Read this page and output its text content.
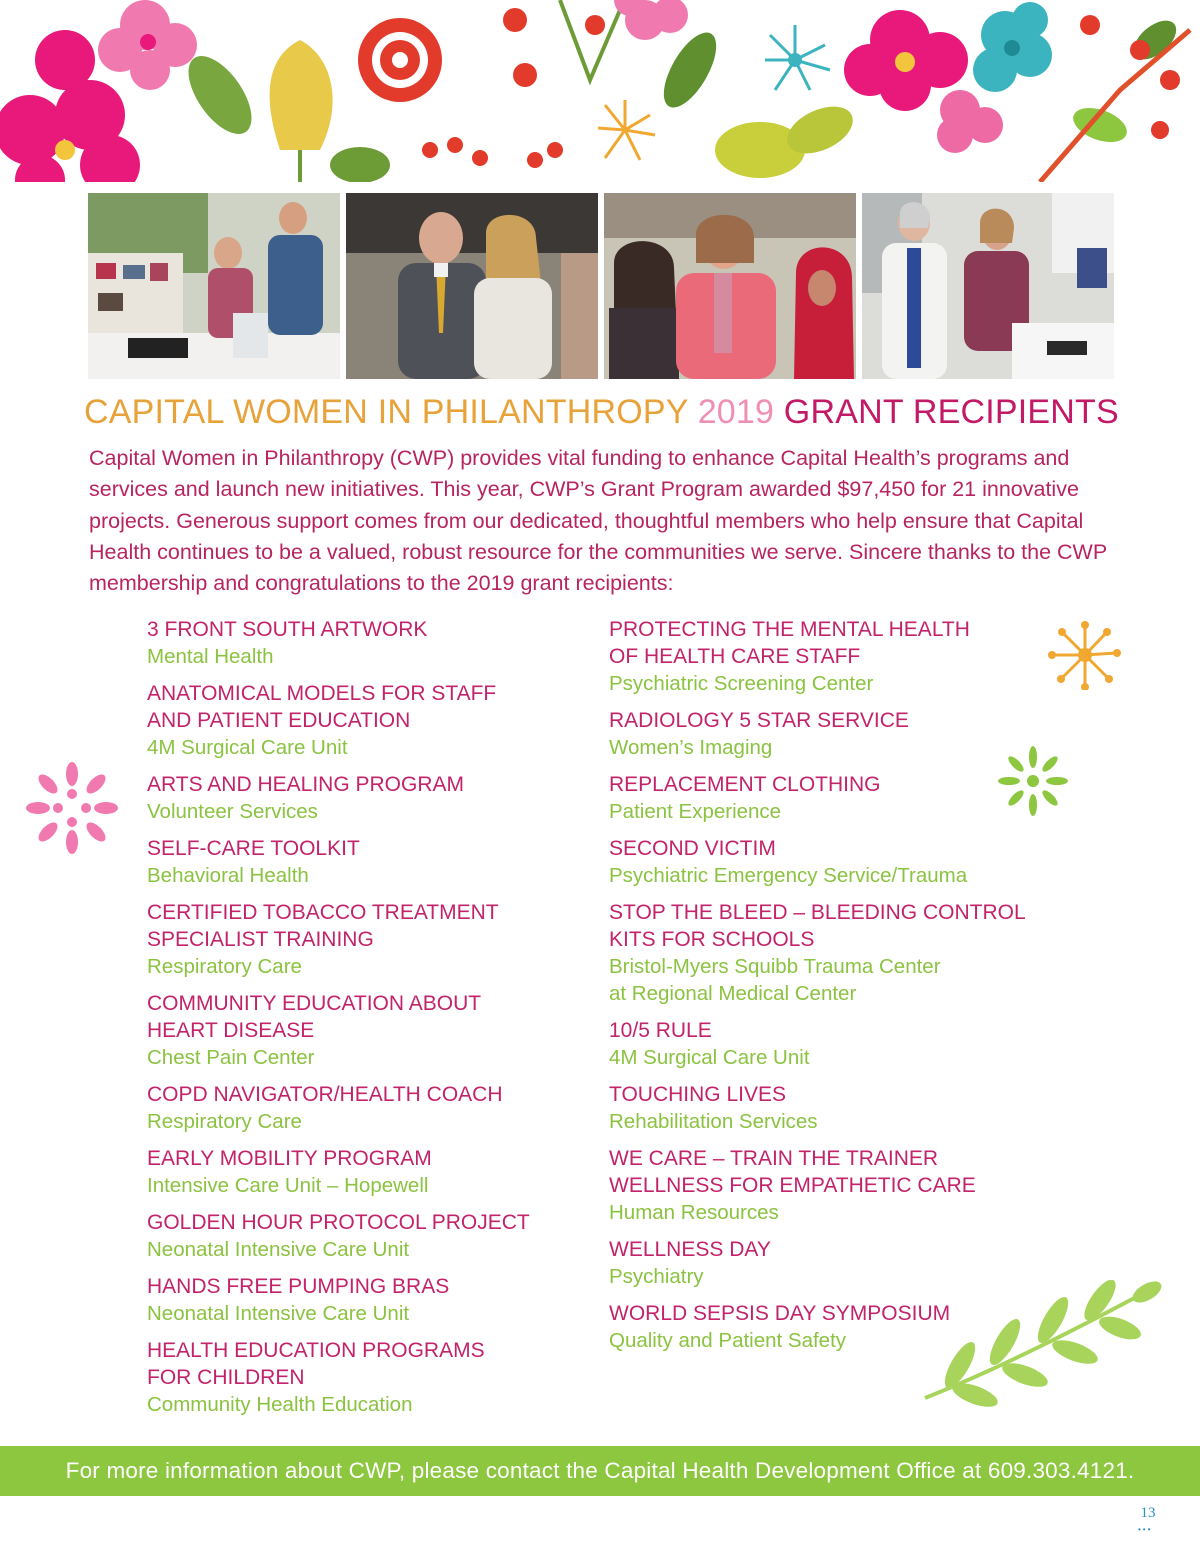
CAPITAL WOMEN IN PHILANTHROPY 2019 GRANT RECIPIENTS

Capital Women in Philanthropy (CWP) provides vital funding to enhance Capital Health’s programs and services and launch new initiatives. This year, CWP’s Grant Program awarded $97,450 for 21 innovative projects. Generous support comes from our dedicated, thoughtful members who help ensure that Capital Health continues to be a valued, robust resource for the communities we serve. Sincere thanks to the CWP membership and congratulations to the 2019 grant recipients:

3 FRONT SOUTH ARTWORK
Mental Health
ANATOMICAL MODELS FOR STAFF
AND PATIENT EDUCATION
4M Surgical Care Unit
ARTS AND HEALING PROGRAM
Volunteer Services
SELF-CARE TOOLKIT
Behavioral Health
CERTIFIED TOBACCO TREATMENT
SPECIALIST TRAINING
Respiratory Care
COMMUNITY EDUCATION ABOUT
HEART DISEASE
Chest Pain Center
COPD NAVIGATOR/HEALTH COACH
Respiratory Care
EARLY MOBILITY PROGRAM
Intensive Care Unit – Hopewell
GOLDEN HOUR PROTOCOL PROJECT
Neonatal Intensive Care Unit
HANDS FREE PUMPING BRAS
Neonatal Intensive Care Unit
HEALTH EDUCATION PROGRAMS
FOR CHILDREN
Community Health Education
PROTECTING THE MENTAL HEALTH
OF HEALTH CARE STAFF
Psychiatric Screening Center
RADIOLOGY 5 STAR SERVICE
Women’s Imaging
REPLACEMENT CLOTHING
Patient Experience
SECOND VICTIM
Psychiatric Emergency Service/Trauma
STOP THE BLEED – BLEEDING CONTROL
KITS FOR SCHOOLS
Bristol-Myers Squibb Trauma Center
at Regional Medical Center
10/5 RULE
4M Surgical Care Unit
TOUCHING LIVES
Rehabilitation Services
WE CARE – TRAIN THE TRAINER
WELLNESS FOR EMPATHETIC CARE
Human Resources
WELLNESS DAY
Psychiatry
WORLD SEPSIS DAY SYMPOSIUM
Quality and Patient Safety
For more information about CWP, please contact the Capital Health Development Office at 609.303.4121.
13
•••
